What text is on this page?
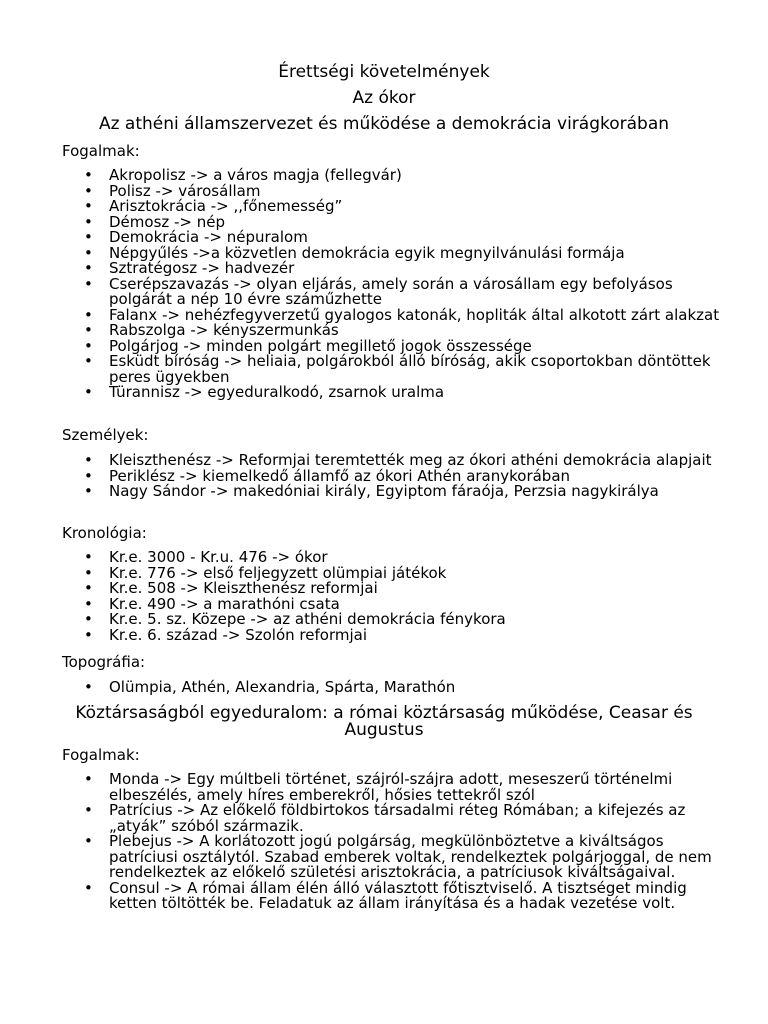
Érettségi követelmények
Az ókor
Az athéni államszervezet és működése a demokrácia virágkorában

Fogalmak:

• Akropolisz -> a város magja (fellegvár)
• Polisz -> városállam
• Arisztokrácia -> ,,főnemesség”
• Démosz -> nép
• Demokrácia -> népuralom
• Népgyűlés ->a közvetlen demokrácia egyik megnyilvánulási formája
• Sztratégosz -> hadvezér
• Cserépszavazás -> olyan eljárás, amely során a városállam egy befolyásos polgárát a nép 10 évre száműzhette
• Falanx -> nehézfegyverzetű gyalogos katonák, hopliták által alkotott zárt alakzat
• Rabszolga -> kényszermunkás
• Polgárjog -> minden polgárt megillető jogok összessége
• Esküdt bíróság -> heliaia, polgárokból álló bíróság, akik csoportokban döntöttek peres ügyekben
• Türannisz -> egyeduralkodó, zsarnok uralma

Személyek:

• Kleiszthenész -> Reformjai teremtették meg az ókori athéni demokrácia alapjait
• Periklész -> kiemelkedő államfő az ókori Athén aranykorában
• Nagy Sándor -> makedóniai király, Egyiptom fáraója, Perzsia nagykirálya

Kronológia:

• Kr.e. 3000 - Kr.u. 476 -> ókor
• Kr.e. 776 -> első feljegyzett olümpiai játékok
• Kr.e. 508 -> Kleiszthenész reformjai
• Kr.e. 490 -> a marathóni csata
• Kr.e. 5. sz. Közepe -> az athéni demokrácia fénykora
• Kr.e. 6. század -> Szolón reformjai

Topográfia:

• Olümpia, Athén, Alexandria, Spárta, Marathón
Köztársaságból egyeduralom: a római köztársaság működése, Ceasar és Augustus

Fogalmak:

• Monda -> Egy múltbeli történet, szájról-szájra adott, meseszerű történelmi elbeszélés, amely híres emberekről, hősies tettekről szól
• Patrícius -> Az előkelő földbirtokos társadalmi réteg Rómában; a kifejezés az „atyák” szóból származik.
• Plebejus -> A korlátozott jogú polgárság, megkülönböztetve a kiváltságos patríciusi osztálytól. Szabad emberek voltak, rendelkeztek polgárjoggal, de nem rendelkeztek az előkelő születési arisztokrácia, a patríciusok kiváltságaival.
• Consul -> A római állam élén álló választott főtisztviselő. A tisztséget mindig ketten töltötték be. Feladatuk az állam irányítása és a hadak vezetése volt.
